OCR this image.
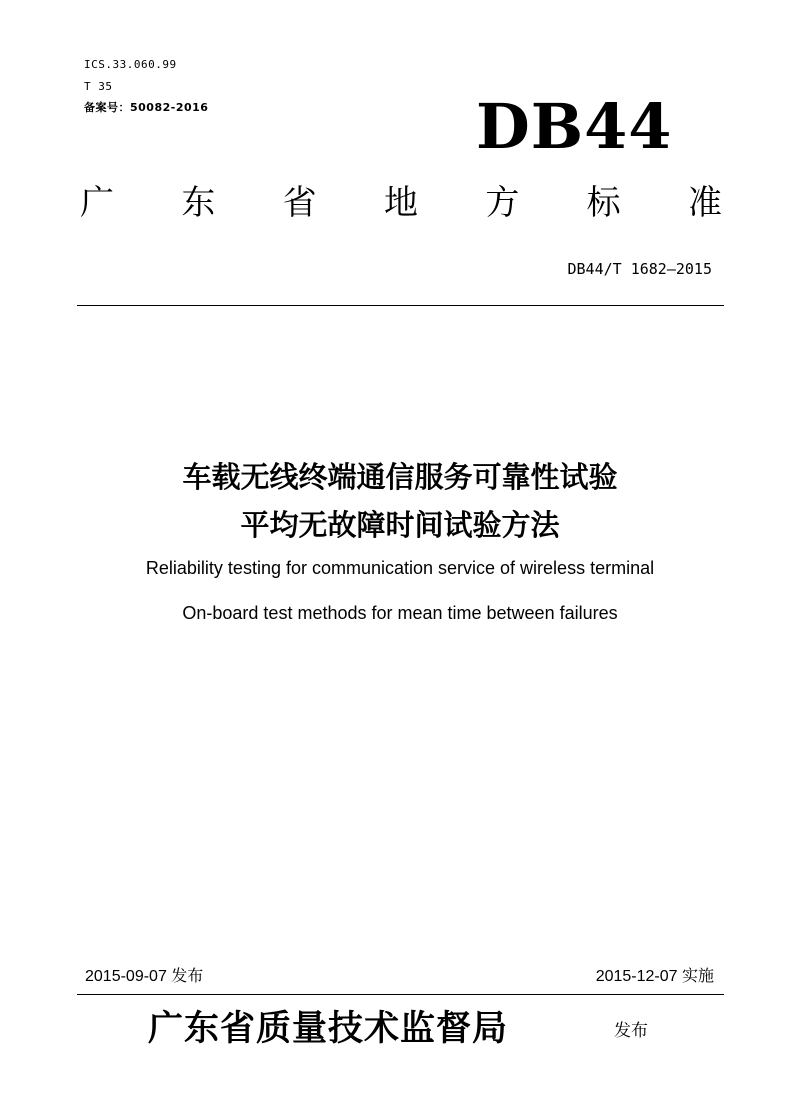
ICS.33.060.99
T 35
备案号：50082-2016	DB44
广 东 省 地 方 标 准
DB44/T 1682—2015
车载无线终端通信服务可靠性试验
平均无故障时间试验方法
Reliability testing for communication service of wireless terminal
On-board test methods for mean time between failures
2015-09-07 发布	2015-12-07 实施
广东省质量技术监督局	发布
